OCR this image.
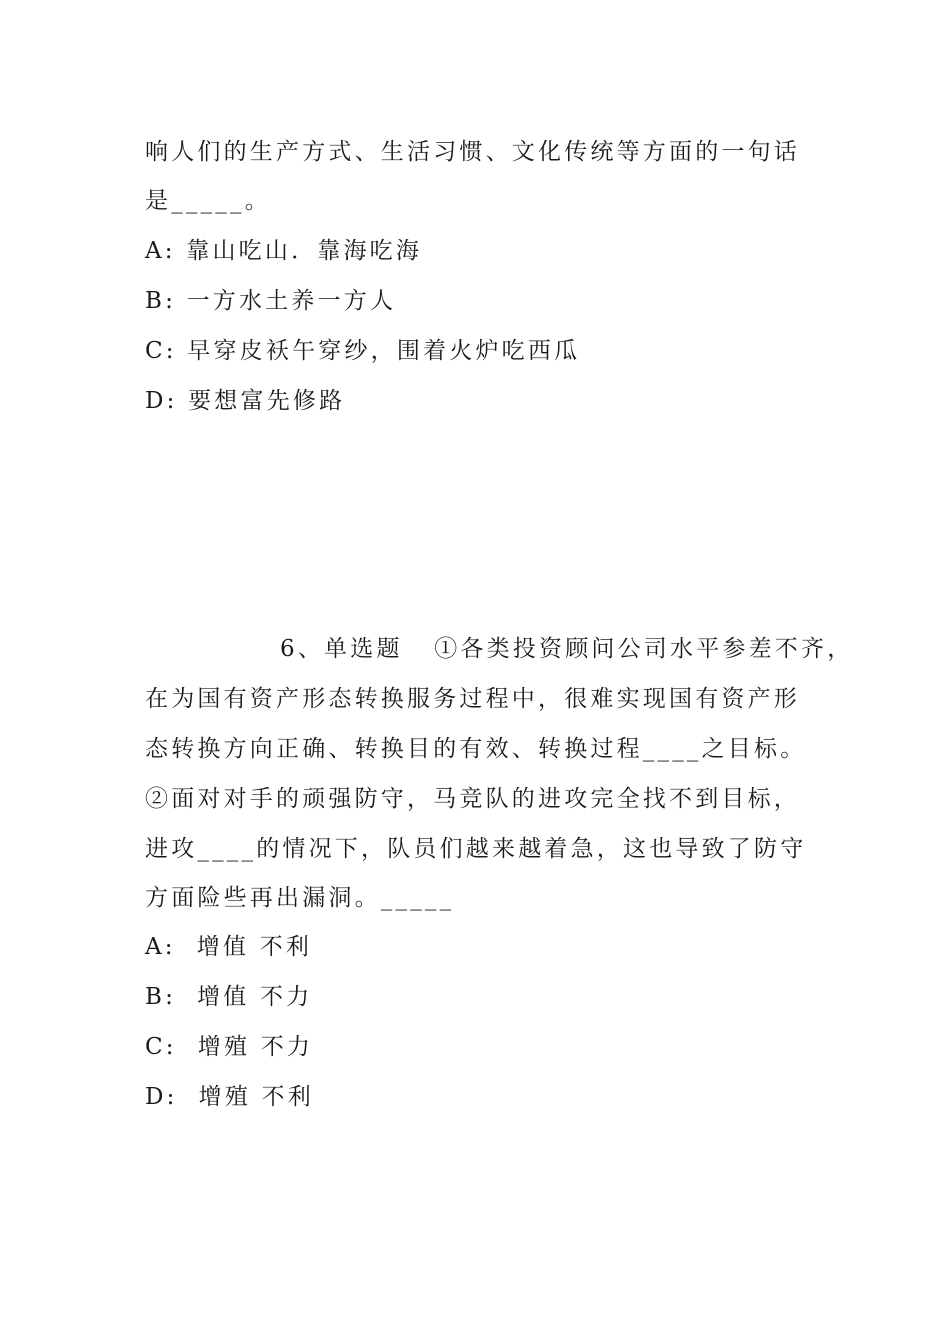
响人们的生产方式、生活习惯、文化传统等方面的一句话

是_____。

A: 靠山吃山．靠海吃海

B: 一方水土养一方人

C: 早穿皮袄午穿纱，围着火炉吃西瓜

D: 要想富先修路

6、单选题 ①各类投资顾问公司水平参差不齐，

在为国有资产形态转换服务过程中，很难实现国有资产形

态转换方向正确、转换目的有效、转换过程____之目标。

②面对对手的顽强防守，马竞队的进攻完全找不到目标，

进攻____的情况下，队员们越来越着急，这也导致了防守

方面险些再出漏洞。_____

A: 增值 不利

B: 增值 不力

C: 增殖 不力

D: 增殖 不利
